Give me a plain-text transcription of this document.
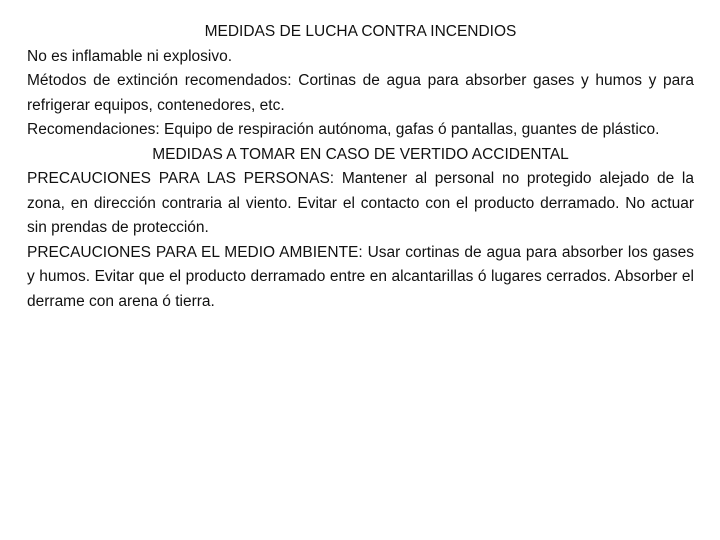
MEDIDAS DE LUCHA CONTRA INCENDIOS

No es inflamable ni explosivo.

Métodos de extinción recomendados: Cortinas de agua para absorber gases y humos y para refrigerar equipos, contenedores, etc.

Recomendaciones: Equipo de respiración autónoma, gafas ó pantallas, guantes de plástico.

MEDIDAS A TOMAR EN CASO DE VERTIDO ACCIDENTAL

PRECAUCIONES PARA LAS PERSONAS: Mantener al personal no protegido alejado de la zona, en dirección contraria al viento. Evitar el contacto con el producto derramado. No actuar sin prendas de protección.

PRECAUCIONES PARA EL MEDIO AMBIENTE: Usar cortinas de agua para absorber los gases y humos. Evitar que el producto derramado entre en alcantarillas ó lugares cerrados. Absorber el derrame con arena ó tierra.
